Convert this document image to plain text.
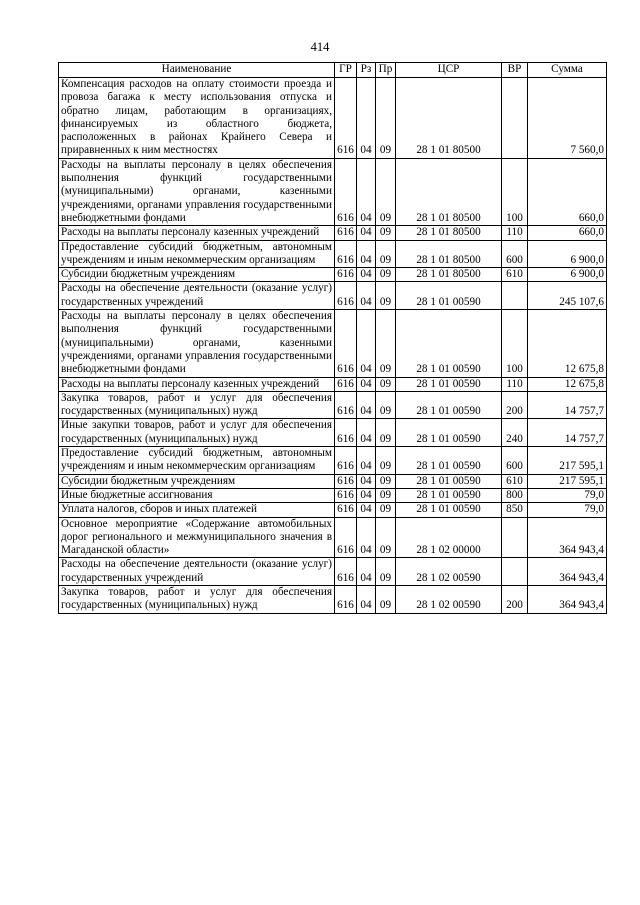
414
Наименование	ГР	Рз	Пр	ЦСР	ВР	Сумма
Компенсация расходов на оплату стоимости проезда и провоза багажа к месту использования отпуска и обратно лицам, работающим в организациях, финансируемых из областного бюджета, расположенных в районах Крайнего Севера и приравненных к ним местностях	616	04	09	28 1 01 80500		7 560,0
Расходы на выплаты персоналу в целях обеспечения выполнения функций государственными (муниципальными) органами, казенными учреждениями, органами управления государственными внебюджетными фондами	616	04	09	28 1 01 80500	100	660,0
Расходы на выплаты персоналу казенных учреждений	616	04	09	28 1 01 80500	110	660,0
Предоставление субсидий бюджетным, автономным учреждениям и иным некоммерческим организациям	616	04	09	28 1 01 80500	600	6 900,0
Субсидии бюджетным учреждениям	616	04	09	28 1 01 80500	610	6 900,0
Расходы на обеспечение деятельности (оказание услуг) государственных учреждений	616	04	09	28 1 01 00590		245 107,6
Расходы на выплаты персоналу в целях обеспечения выполнения функций государственными (муниципальными) органами, казенными учреждениями, органами управления государственными внебюджетными фондами	616	04	09	28 1 01 00590	100	12 675,8
Расходы на выплаты персоналу казенных учреждений	616	04	09	28 1 01 00590	110	12 675,8
Закупка товаров, работ и услуг для обеспечения государственных (муниципальных) нужд	616	04	09	28 1 01 00590	200	14 757,7
Иные закупки товаров, работ и услуг для обеспечения государственных (муниципальных) нужд	616	04	09	28 1 01 00590	240	14 757,7
Предоставление субсидий бюджетным, автономным учреждениям и иным некоммерческим организациям	616	04	09	28 1 01 00590	600	217 595,1
Субсидии бюджетным учреждениям	616	04	09	28 1 01 00590	610	217 595,1
Иные бюджетные ассигнования	616	04	09	28 1 01 00590	800	79,0
Уплата налогов, сборов и иных платежей	616	04	09	28 1 01 00590	850	79,0
Основное мероприятие «Содержание автомобильных дорог регионального и межмуниципального значения в Магаданской области»	616	04	09	28 1 02 00000		364 943,4
Расходы на обеспечение деятельности (оказание услуг) государственных учреждений	616	04	09	28 1 02 00590		364 943,4
Закупка товаров, работ и услуг для обеспечения государственных (муниципальных) нужд	616	04	09	28 1 02 00590	200	364 943,4
